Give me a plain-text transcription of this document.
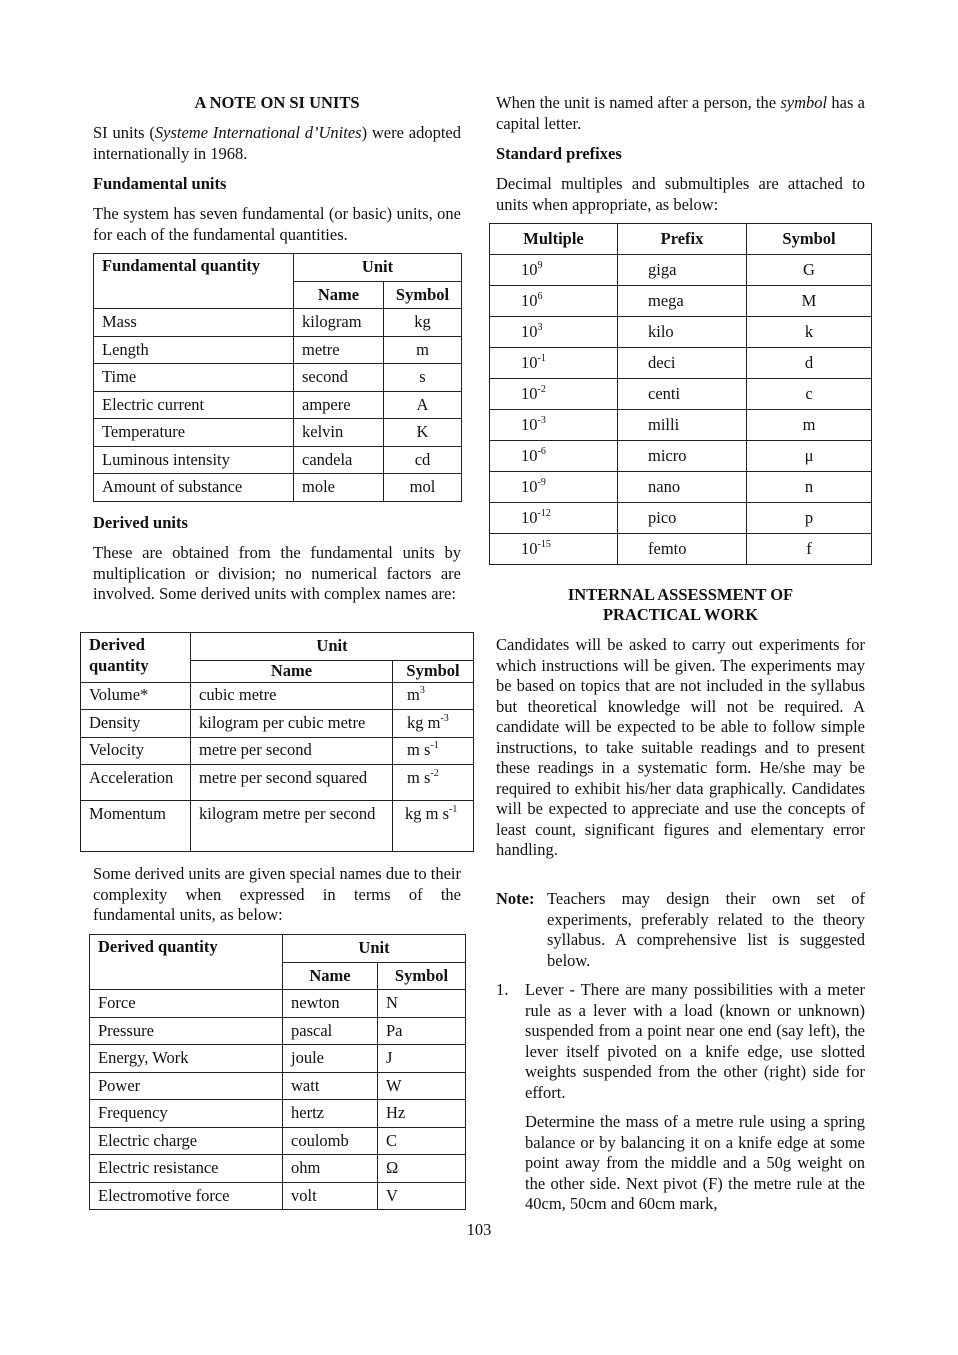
A NOTE ON SI UNITS
SI units (Systeme International d’Unites) were adopted internationally in 1968.
Fundamental units
The system has seven fundamental (or basic) units, one for each of the fundamental quantities.
Fundamental quantity	Unit	
	Name	Symbol
Mass	kilogram	kg
Length	metre	m
Time	second	s
Electric current	ampere	A
Temperature	kelvin	K
Luminous intensity	candela	cd
Amount of substance	mole	mol
Derived units
These are obtained from the fundamental units by multiplication or division; no numerical factors are involved. Some derived units with complex names are:
Derived quantity	Unit	
	Name	Symbol
Volume*	cubic metre	$m^3$
Density	kilogram per cubic metre	kg $m^{-3}$
Velocity	metre per second	m $s^{-1}$
Acceleration	metre per second squared	m $s^{-2}$
Momentum	kilogram metre per second	kg m $s^{-1}$
Some derived units are given special names due to their complexity when expressed in terms of the fundamental units, as below:
Derived quantity	Unit	
	Name	Symbol
Force	newton	N
Pressure	pascal	Pa
Energy, Work	joule	J
Power	watt	W
Frequency	hertz	Hz
Electric charge	coulomb	C
Electric resistance	ohm	Ω
Electromotive force	volt	V
When the unit is named after a person, the symbol has a capital letter.
Standard prefixes
Decimal multiples and submultiples are attached to units when appropriate, as below:
Multiple	Prefix	Symbol
$10^9$	giga	G
$10^6$	mega	M
$10^3$	kilo	k
$10^{-1}$	deci	d
$10^{-2}$	centi	c
$10^{-3}$	milli	m
$10^{-6}$	micro	μ
$10^{-9}$	nano	n
$10^{-12}$	pico	p
$10^{-15}$	femto	f
INTERNAL ASSESSMENT OF
PRACTICAL WORK
Candidates will be asked to carry out experiments for which instructions will be given. The experiments may be based on topics that are not included in the syllabus but theoretical knowledge will not be required. A candidate will be expected to be able to follow simple instructions, to take suitable readings and to present these readings in a systematic form. He/she may be required to exhibit his/her data graphically. Candidates will be expected to appreciate and use the concepts of least count, significant figures and elementary error handling.
Note: Teachers may design their own set of experiments, preferably related to the theory syllabus. A comprehensive list is suggested below.
1. Lever - There are many possibilities with a meter rule as a lever with a load (known or unknown) suspended from a point near one end (say left), the lever itself pivoted on a knife edge, use slotted weights suspended from the other (right) side for effort.
Determine the mass of a metre rule using a spring balance or by balancing it on a knife edge at some point away from the middle and a 50g weight on the other side. Next pivot (F) the metre rule at the 40cm, 50cm and 60cm mark,
103
